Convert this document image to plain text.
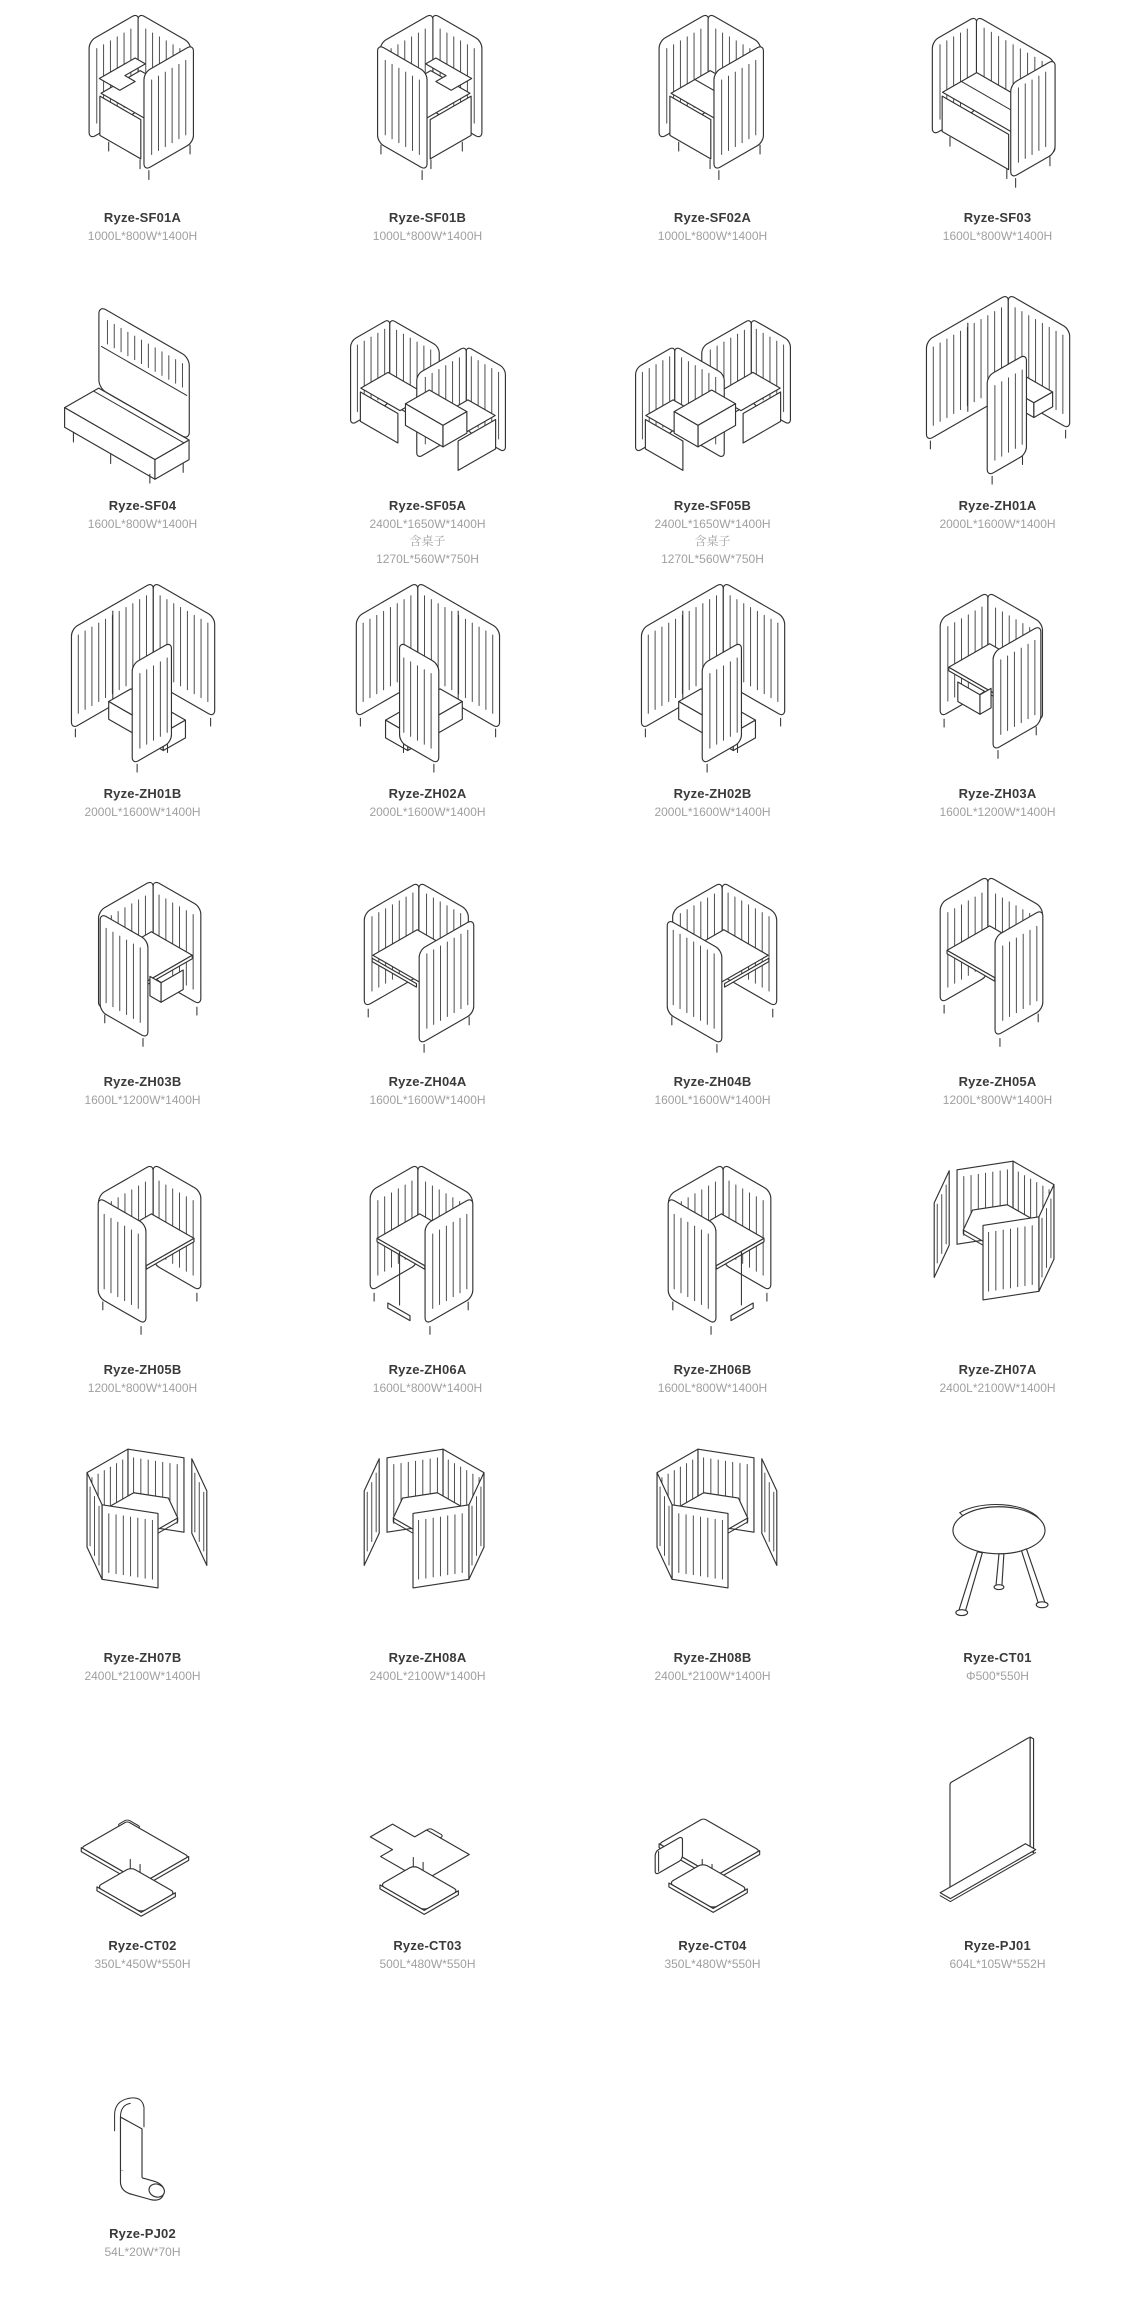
Ryze-SF01A
1000L*800W*1400H
Ryze-SF01B
1000L*800W*1400H
Ryze-SF02A
1000L*800W*1400H
Ryze-SF03
1600L*800W*1400H
Ryze-SF04
1600L*800W*1400H
Ryze-SF05A
2400L*1650W*1400H
含桌子
1270L*560W*750H
Ryze-SF05B
2400L*1650W*1400H
含桌子
1270L*560W*750H
Ryze-ZH01A
2000L*1600W*1400H
Ryze-ZH01B
2000L*1600W*1400H
Ryze-ZH02A
2000L*1600W*1400H
Ryze-ZH02B
2000L*1600W*1400H
Ryze-ZH03A
1600L*1200W*1400H
Ryze-ZH03B
1600L*1200W*1400H
Ryze-ZH04A
1600L*1600W*1400H
Ryze-ZH04B
1600L*1600W*1400H
Ryze-ZH05A
1200L*800W*1400H
Ryze-ZH05B
1200L*800W*1400H
Ryze-ZH06A
1600L*800W*1400H
Ryze-ZH06B
1600L*800W*1400H
Ryze-ZH07A
2400L*2100W*1400H
Ryze-ZH07B
2400L*2100W*1400H
Ryze-ZH08A
2400L*2100W*1400H
Ryze-ZH08B
2400L*2100W*1400H
Ryze-CT01
Φ500*550H
Ryze-CT02
350L*450W*550H
Ryze-CT03
500L*480W*550H
Ryze-CT04
350L*480W*550H
Ryze-PJ01
604L*105W*552H
Ryze-PJ02
54L*20W*70H
